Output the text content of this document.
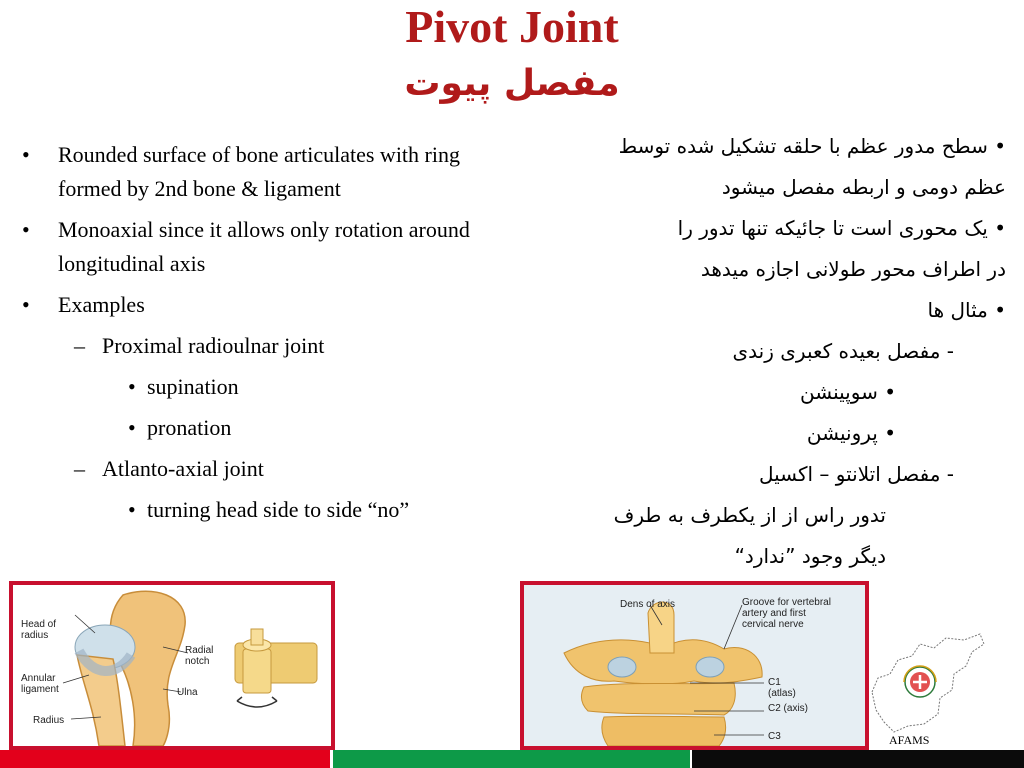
Pivot Joint
مفصل پیوت
• Rounded surface of bone articulates with ring formed by 2nd bone & ligament
• Monoaxial since it allows only rotation around longitudinal axis
• Examples
– Proximal radioulnar joint
• supination
• pronation
– Atlanto-axial joint
• turning head side to side “no”
• سطح مدور عظم با حلقه تشکیل شده توسط
عظم دومی و اربطه مفصل میشود
• یک محوری است تا جائیکه تنها تدور را
در اطراف محور طولانی اجازه میدهد
• مثال ها
- مفصل بعیده کعبری زندی
• سوپینشن
• پرونیشن
- مفصل اتلانتو – اکسیل
تدور راس از از یکطرف به طرف
دیگر وجود ”ندارد“
Head of radius
Radial notch
Annular ligament	Ulna
Radius
Dens of axis	Groove for vertebral artery and first cervical nerve
C1 (atlas)
C2 (axis)
C3	AFAMS
